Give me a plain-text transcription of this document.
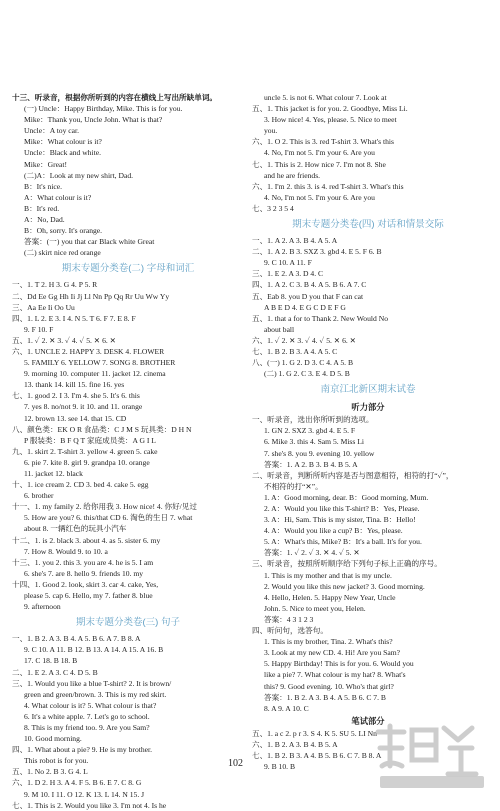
十三、听录音，根据你所听到的内容在横线上写出所缺单词。
(一) Uncle：Happy Birthday, Mike. This is for you.
Mike：Thank you, Uncle John. What is that?
Uncle：A toy car.
Mike：What colour is it?
Uncle：Black and white.
Mike：Great!
(二)A：Look at my new shirt, Dad.
B：It's nice.
A：What colour is it?
B：It's red.
A：No, Dad.
B：Oh, sorry. It's orange.
答案：(一) you that car Black white Great
(二) skirt nice red orange
期末专题分类卷(二) 字母和词汇
一、1. T 2. H 3. G 4. P 5. R
二、Dd Ee Gg Hh Ii Jj Ll Nn Pp Qq Rr Uu Ww Yy
三、Aa Ee Ii Oo Uu
四、1. L 2. E 3. I 4. N 5. T 6. F 7. E 8. F
9. F 10. F
五、1. ✓ 2. ✕ 3. ✓ 4. ✓ 5. ✕ 6. ✕
六、1. UNCLE 2. HAPPY 3. DESK 4. FLOWER
5. FAMILY 6. YELLOW 7. SONG 8. BROTHER
9. morning 10. computer 11. jacket 12. cinema
13. thank 14. kill 15. fine 16. yes
七、1. good 2. I 3. I'm 4. she 5. It's 6. this
7. yes 8. no/not 9. it 10. and 11. orange
12. brown 13. see 14. that 15. CD
八、颜色类：EK O R 食品类：C J M S 玩具类：D H N
P 服装类：B F Q T 家庭成员类：A G I L
九、1. skirt 2. T-shirt 3. yellow 4. green 5. cake
6. pie 7. kite 8. girl 9. grandpa 10. orange
11. jacket 12. black
十、1. ice cream 2. CD 3. bed 4. cake 5. egg
6. brother
十一、1. my family 2. 给你用我 3. How nice! 4. 你好/见过
5. How are you? 6. this/that CD 6. 淘色的生日 7. what
about 8. 一辆红色的玩具小汽车
十二、1. is 2. black 3. about 4. as 5. sister 6. my
7. How 8. Would 9. to 10. a
十三、1. you 2. this 3. you are 4. he is 5. I am
6. she's 7. are 8. hello 9. friends 10. my
十四、1. Good 2. look, skirt 3. car 4. cake, Yes,
please 5. cap 6. Hello, my 7. father 8. blue
9. afternoon
期末专题分类卷(三) 句子
一、1. B 2. A 3. B 4. A 5. B 6. A 7. B 8. A
9. C 10. A 11. B 12. B 13. A 14. A 15. A 16. B
17. C 18. B 18. B
二、1. E 2. A 3. C 4. D 5. B
三、1. Would you like a blue T-shirt? 2. It is brown/
green and green/brown. 3. This is my red skirt.
4. What colour is it? 5. What colour is that?
6. It's a white apple. 7. Let's go to school.
8. This is my friend too. 9. Are you Sam?
10. Good morning.
四、1. What about a pie? 9. He is my brother.
This robot is for you.
五、1. No 2. B 3. G 4. L
六、1. D 2. H 3. A 4. F 5. B 6. E 7. C 8. G
9. M 10. I 11. O 12. K 13. L 14. N 15. J
七、1. This is 2. Would you like 3. I'm not 4. Is he
uncle 5. is not 6. What colour 7. Look at
五、1. This jacket is for you. 2. Goodbye, Miss Li.
3. How nice! 4. Yes, please. 5. Nice to meet
you.
六、1. O 2. This is 3. red T-shirt 3. What's this
4. No, I'm not 5. I'm your 6. Are you
七、1. This is 2. How nice 7. I'm not 8. She
and he are friends.
六、1. I'm 2. this 3. is 4. red T-shirt 3. What's this
4. No, I'm not 5. I'm your 6. Are you
七、3 2 3 5 4
期末专题分类卷(四) 对话和情景交际
一、1. A 2. A 3. B 4. A 5. A
二、1. A 2. B 3. SXZ 3. gbd 4. E 5. F 6. B
9. C 10. A 11. F
三、1. E 2. A 3. D 4. C
四、1. A 2. C 3. B 4. A 5. B 6. A 7. C
五、Eab 8. you D you that F can cat
A B E D 4. E G C D E F G
五、1. that a for to Thank 2. New Would No
about ball
六、1. ✓ 2. ✕ 3. ✓ 4. ✓ 5. ✕ 6. ✕
七、1. B 2. B 3. A 4. A 5. C
八、(一) 1. G 2. D 3. C 4. A 5. B
(二) 1. G 2. C 3. E 4. D 5. B
南京江北新区期末试卷
听力部分
一、听录音，选出你所听到的选项。
1. GN 2. SXZ 3. gbd 4. E 5. F
6. Mike 3. this 4. Sam 5. Miss Li
7. she's 8. you 9. evening 10. yellow
答案：1. A 2. B 3. B 4. B 5. A
二、听录音，判断所听内容是否与图意相符，相符的打“✓”，
不相符的打“✕”。
1. A：Good morning, dear. B：Good morning, Mum.
2. A：Would you like this T-shirt? B：Yes, Please.
3. A：Hi, Sam. This is my sister, Tina. B：Hello!
4. A：Would you like a cup? B：Yes, please.
5. A：What's this, Mike? B：It's a ball. It's for you.
答案：1. ✓ 2. ✓ 3. ✕ 4. ✓ 5. ✕
三、听录音，按照所听顺序给下列句子标上正确的序号。
1. This is my mother and that is my uncle.
2. Would you like this new jacket? 3. Good morning.
4. Hello, Helen. 5. Happy New Year, Uncle
John. 5. Nice to meet you, Helen.
答案：4 3 1 2 3
四、听问句，选答句。
1. This is my brother, Tina. 2. What's this?
3. Look at my new CD. 4. Hi! Are you Sam?
5. Happy Birthday! This is for you. 6. Would you
like a pie? 7. What colour is my hat? 8. What's
this? 9. Good evening. 10. Who's that girl?
答案：1. B 2. A 3. B 4. A 5. B 6. C 7. B
8. A 9. A 10. C
笔试部分
五、1. a c 2. p r 3. S 4. K 5. SU 5. LI Nn
六、1. B 2. A 3. B 4. B 5. A
七、1. B 2. B 3. A 4. B 5. B 6. C 7. B 8. A
9. B 10. B
102
